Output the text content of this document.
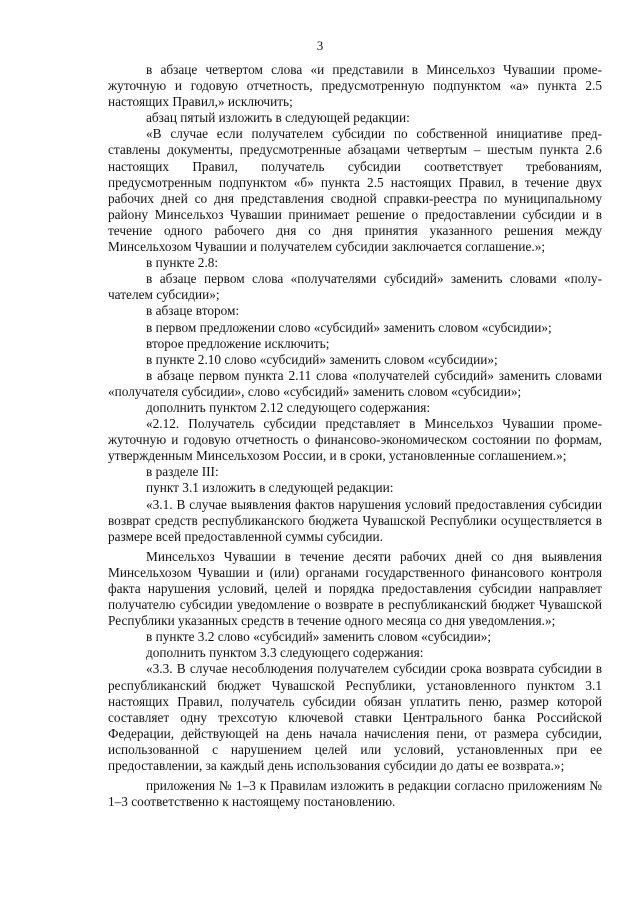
3

в абзаце четвертом слова «и представили в Минсельхоз Чувашии промежуточную и годовую отчетность, предусмотренную подпунктом «а» пункта 2.5 настоящих Правил,» исключить;

абзац пятый изложить в следующей редакции:

«В случае если получателем субсидии по собственной инициативе представлены документы, предусмотренные абзацами четвертым – шестым пункта 2.6 настоящих Правил, получатель субсидии соответствует требованиям, предусмотренным подпунктом «б» пункта 2.5 настоящих Правил, в течение двух рабочих дней со дня представления сводной справки-реестра по муниципальному району Минсельхоз Чувашии принимает решение о предоставлении субсидии и в течение одного рабочего дня со дня принятия указанного решения между Минсельхозом Чувашии и получателем субсидии заключается соглашение.»;

в пункте 2.8:

в абзаце первом слова «получателями субсидий» заменить словами «получателем субсидии»;

в абзаце втором:

в первом предложении слово «субсидий» заменить словом «субсидии»;

второе предложение исключить;

в пункте 2.10 слово «субсидий» заменить словом «субсидии»;

в абзаце первом пункта 2.11 слова «получателей субсидий» заменить словами «получателя субсидии», слово «субсидий» заменить словом «субсидии»;

дополнить пунктом 2.12 следующего содержания:

«2.12. Получатель субсидии представляет в Минсельхоз Чувашии промежуточную и годовую отчетность о финансово-экономическом состоянии по формам, утвержденным Минсельхозом России, и в сроки, установленные соглашением.»;

в разделе III:

пункт 3.1 изложить в следующей редакции:

«3.1. В случае выявления фактов нарушения условий предоставления субсидии возврат средств республиканского бюджета Чувашской Республики осуществляется в размере всей предоставленной суммы субсидии.

Минсельхоз Чувашии в течение десяти рабочих дней со дня выявления Минсельхозом Чувашии и (или) органами государственного финансового контроля факта нарушения условий, целей и порядка предоставления субсидии направляет получателю субсидии уведомление о возврате в республиканский бюджет Чувашской Республики указанных средств в течение одного месяца со дня уведомления.»;

в пункте 3.2 слово «субсидий» заменить словом «субсидии»;

дополнить пунктом 3.3 следующего содержания:

«3.3. В случае несоблюдения получателем субсидии срока возврата субсидии в республиканский бюджет Чувашской Республики, установленного пунктом 3.1 настоящих Правил, получатель субсидии обязан уплатить пеню, размер которой составляет одну трехсотую ключевой ставки Центрального банка Российской Федерации, действующей на день начала начисления пени, от размера субсидии, использованной с нарушением целей или условий, установленных при ее предоставлении, за каждый день использования субсидии до даты ее возврата.»;

приложения № 1–3 к Правилам изложить в редакции согласно приложениям № 1–3 соответственно к настоящему постановлению.
